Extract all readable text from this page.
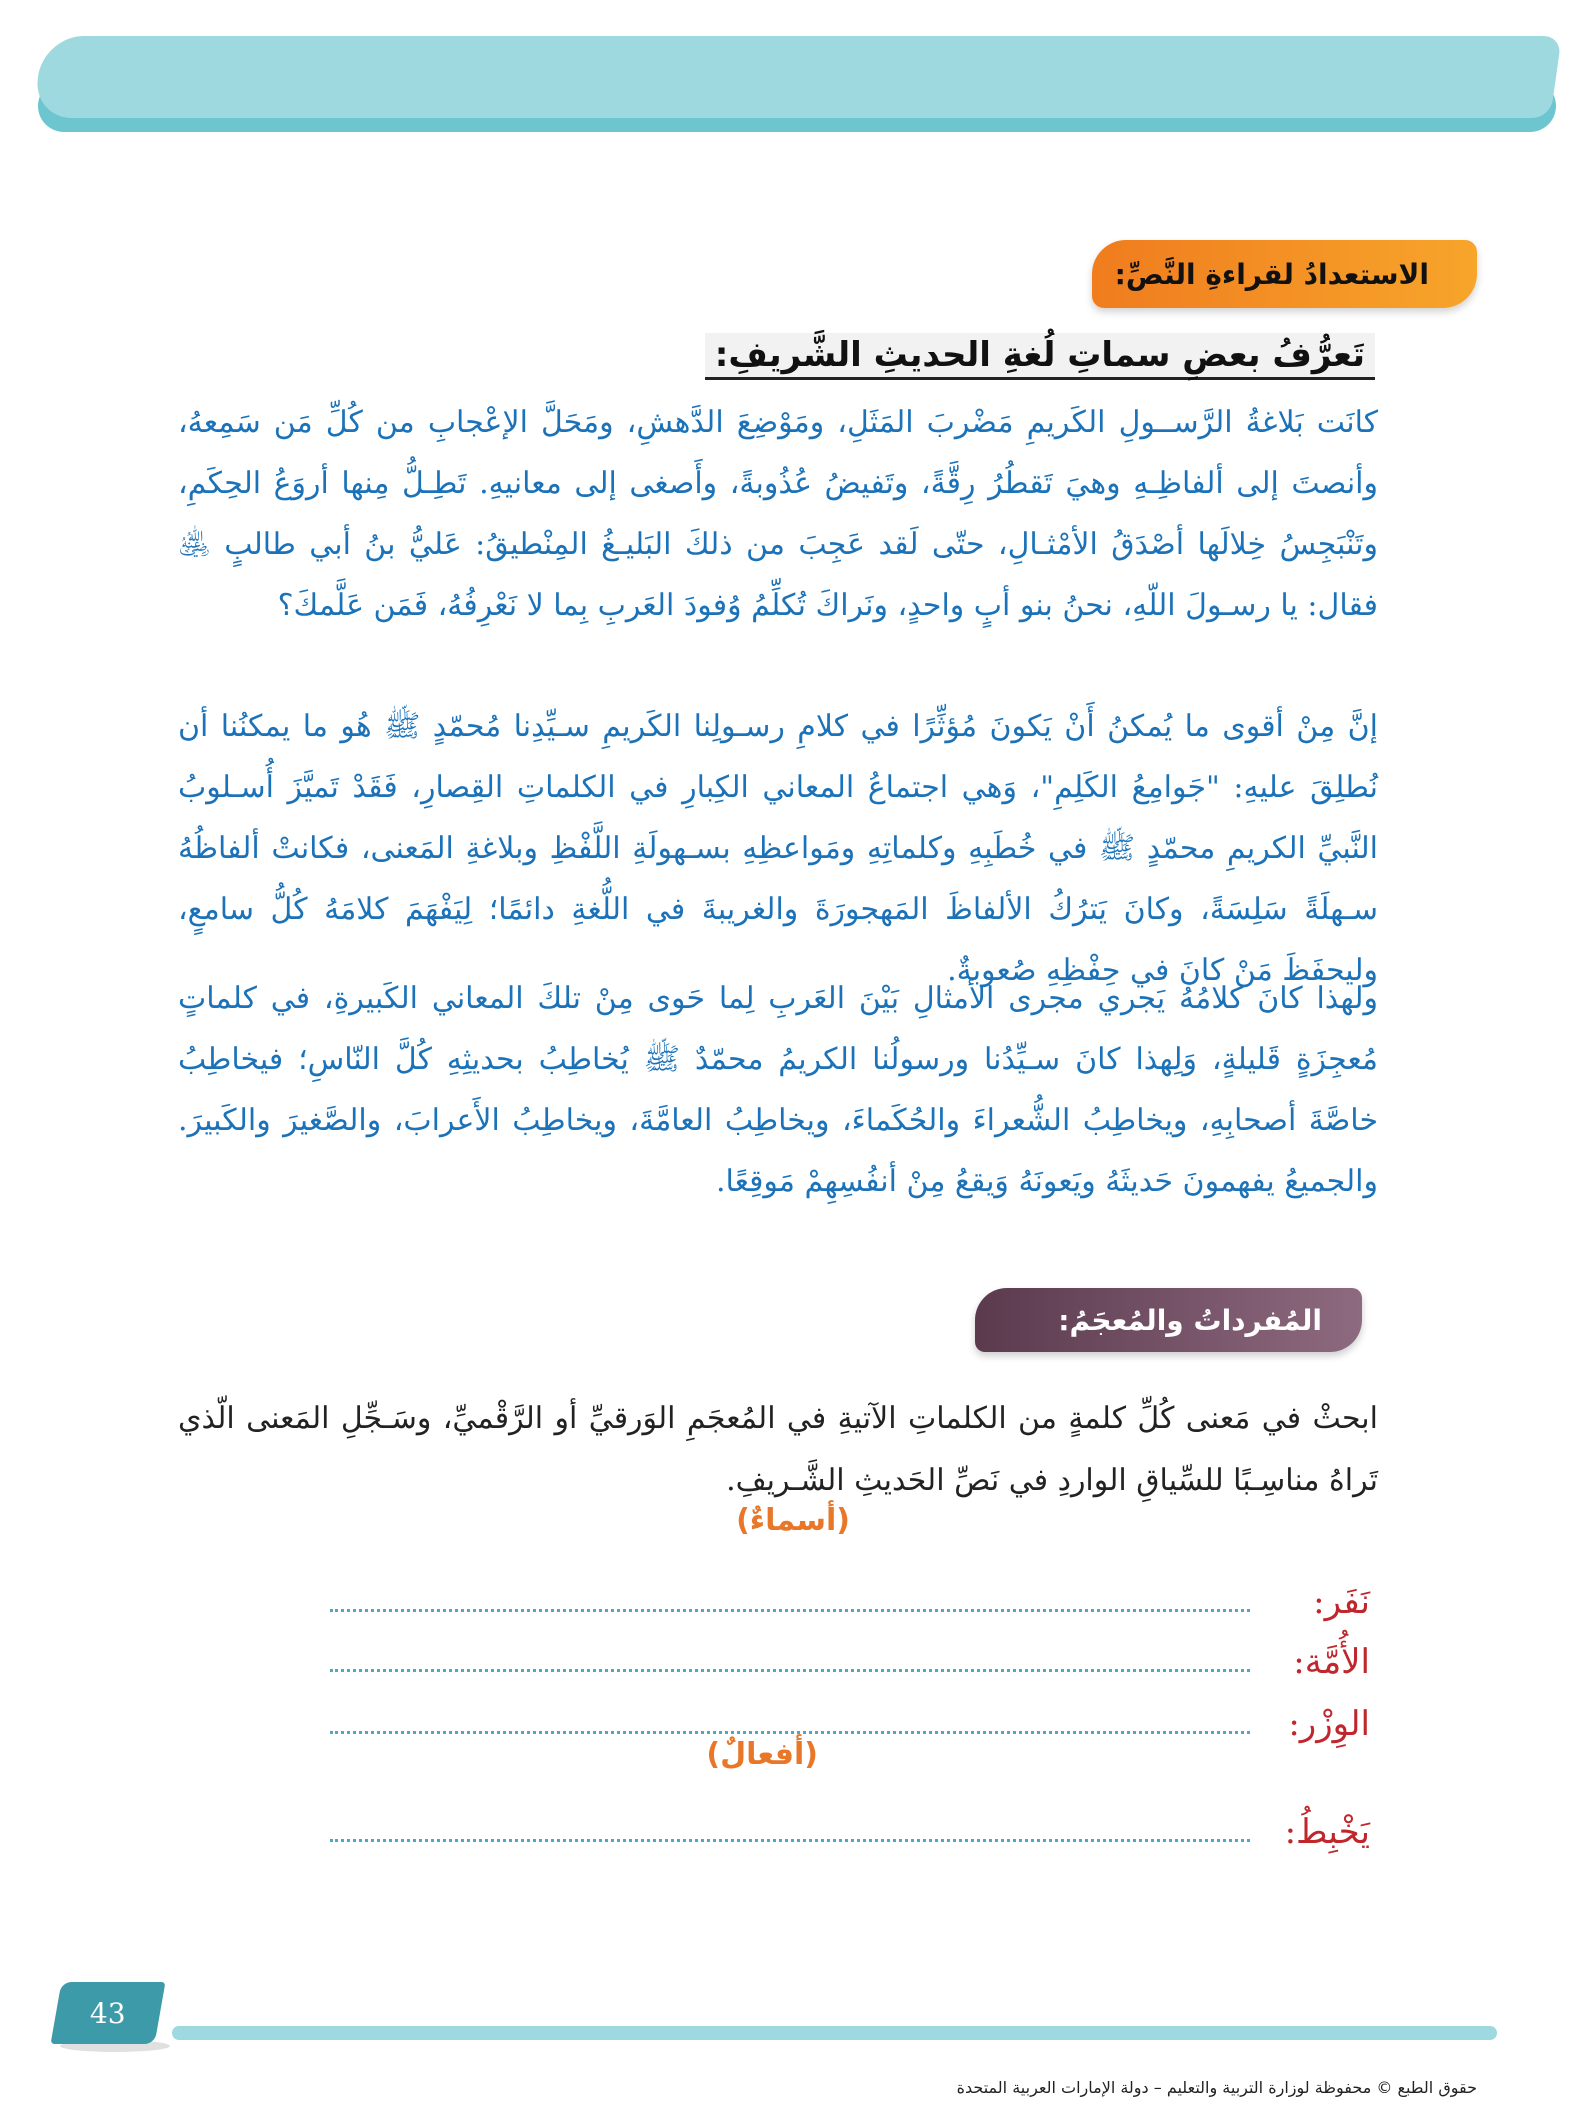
الاستعدادُ لقراءةِ النَّصِّ:
تَعرُّفُ بعضِ سماتِ لُغةِ الحديثِ الشَّريفِ:

كانَت بَلاغةُ الرَّســولِ الكَريمِ مَضْربَ المَثَلِ، ومَوْضِعَ الدَّهشِ، ومَحَلَّ الإعْجابِ من كُلِّ مَن سَمِعهُ، وأنصتَ إلى ألفاظِـهِ وهيَ تَقطُرُ رِقَّةً، وتَفيضُ عُذُوبةً، وأَصغى إلى معانيهِ. تَطِـلُّ مِنها أروَعُ الحِكَمِ، وتَنْبَجِسُ خِلالَها أصْدَقُ الأمْثـالِ، حتّى لَقد عَجِبَ من ذلكَ البَليـغُ المِنْطيقُ: عَليُّ بنُ أبي طالبٍ ﵁ فقال: يا رسـولَ اللّهِ، نحنُ بنو أبٍ واحدٍ، ونَراكَ تُكلِّمُ وُفودَ العَربِ بِما لا نَعْرِفُهُ، فَمَن عَلَّمكَ؟

إنَّ مِنْ أقوى ما يُمكنُ أَنْ يَكونَ مُؤثِّرًا في كلامِ رسـولِنا الكَريمِ سـيِّدِنا مُحمّدٍ ﷺ هُو ما يمكنُنا أن نُطلِقَ عليهِ: "جَوامِعُ الكَلِمِ"، وَهي اجتماعُ المعاني الكِبارِ في الكلماتِ القِصارِ، فَقَدْ تَميَّزَ أُسـلوبُ النَّبيِّ الكريمِ محمّدٍ ﷺ في خُطَبِهِ وكلماتِهِ ومَواعظِهِ بسـهولَةِ اللَّفْظِ وبلاغةِ المَعنى، فكانتْ ألفاظُهُ سـهلَةً سَلِسَةً، وكانَ يَترُكُ الألفاظَ المَهجورَةَ والغريبةَ في اللُّغةِ دائمًا؛ لِيَفْهَمَ كلامَهُ كُلُّ سامعٍ، وليحفَظَ مَنْ كانَ في حِفْظِهِ صُعوبةٌ.

ولهذا كانَ كلامُهُ يَجري مجرى الأمثالِ بَيْنَ العَربِ لِما حَوى مِنْ تلكَ المعاني الكَبيرةِ، في كلماتٍ مُعجِزَةٍ قَليلةٍ، وَلِهذا كانَ سـيِّدُنا ورسولُنا الكريمُ محمّدٌ ﷺ يُخاطِبُ بحديثِهِ كُلَّ النّاسِ؛ فيخاطِبُ خاصَّةَ أصحابِهِ، ويخاطِبُ الشُّعراءَ والحُكَماءَ، ويخاطِبُ العامَّةَ، ويخاطِبُ الأَعرابَ، والصَّغيرَ والكَبيرَ. والجميعُ يفهمونَ حَديثَهُ ويَعونَهُ وَيقعُ مِنْ أنفُسِهِمْ مَوقِعًا.

المُفرداتُ والمُعجَمُ:

ابحثْ في مَعنى كُلِّ كلمةٍ من الكلماتِ الآتيةِ في المُعجَمِ الوَرقيِّ أو الرَّقْميِّ، وسَـجِّلِ المَعنى الّذي تَراهُ مناسِـبًا للسِّياقِ الواردِ في نَصِّ الحَديثِ الشَّـريفِ.

(أسماءٌ)
نَفَر:
الأُمَّة:
الوِزْر:
(أفعالٌ)
يَخْبِطُ:
43
حقوق الطبع © محفوظة لوزارة التربية والتعليم – دولة الإمارات العربية المتحدة
